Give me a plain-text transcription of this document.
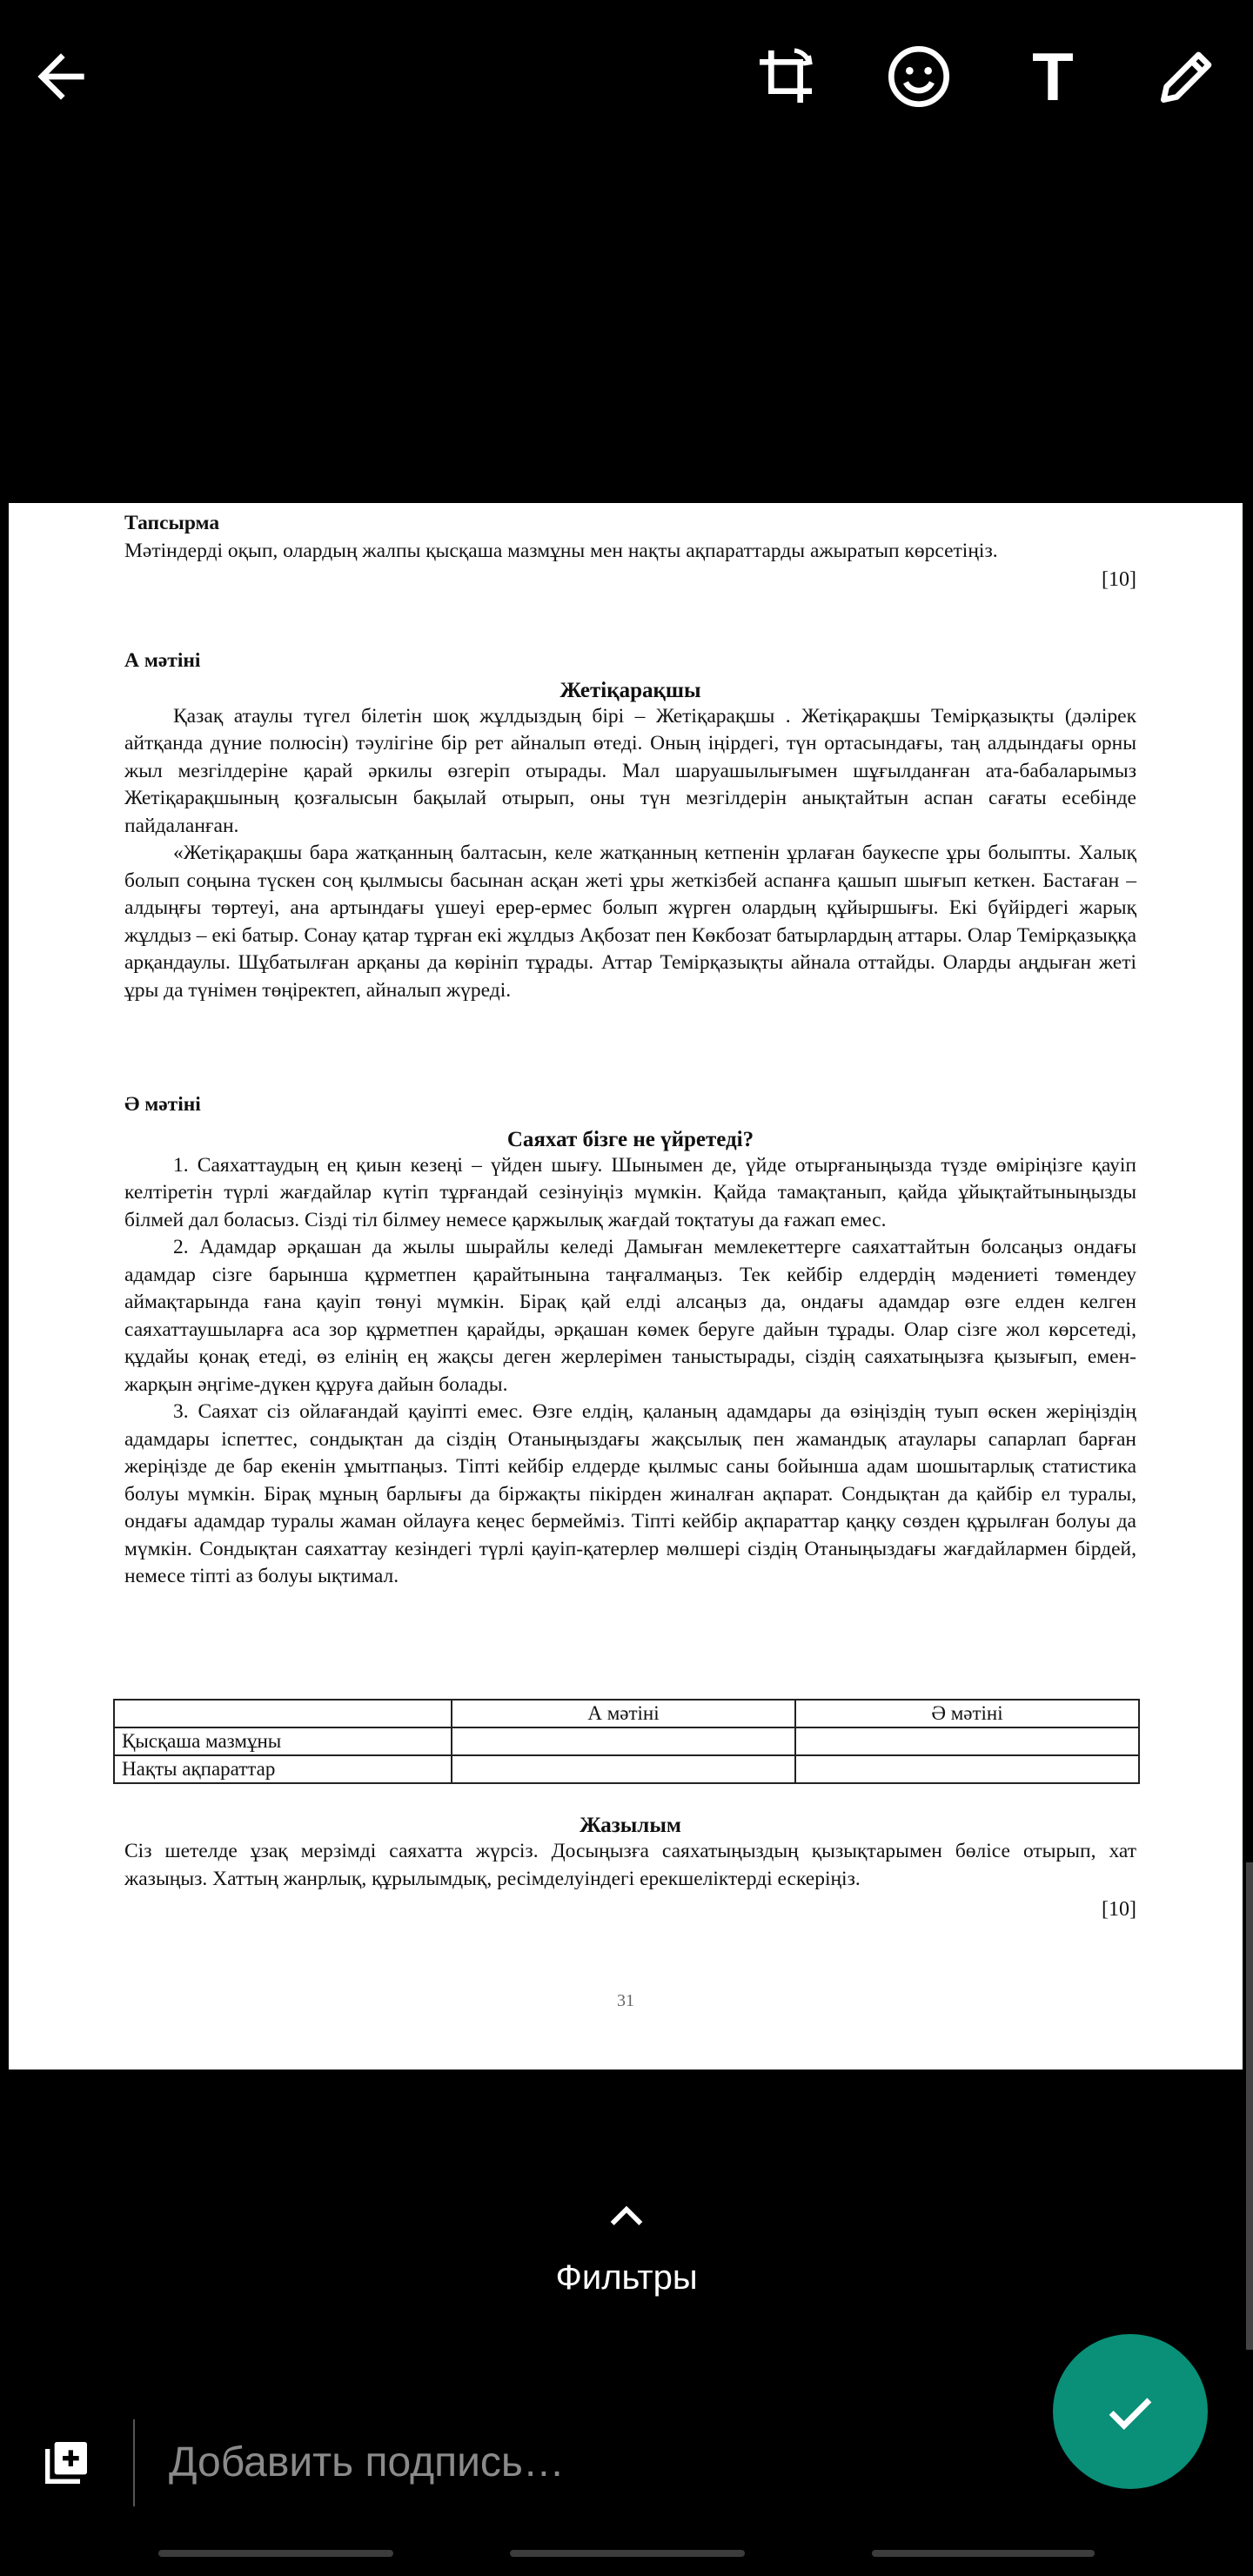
T
Тапсырма
Мәтіндерді оқып, олардың жалпы қысқаша мазмұны мен нақты ақпараттарды ажыратып көрсетіңіз.
[10]
А мәтіні
Жетіқарақшы

Қазақ атаулы түгел білетін шоқ жұлдыздың бірі – Жетіқарақшы . Жетіқарақшы Темірқазықты (дәлірек айтқанда дүние полюсін) тәулігіне бір рет айналып өтеді. Оның іңірдегі, түн ортасындағы, таң алдындағы орны жыл мезгілдеріне қарай әркилы өзгеріп отырады. Мал шаруашылығымен шұғылданған ата-бабаларымыз Жетіқарақшының қозғалысын бақылай отырып, оны түн мезгілдерін анықтайтын аспан сағаты есебінде пайдаланған.

«Жетіқарақшы бара жатқанның балтасын, келе жатқанның кетпенін ұрлаған баукеспе ұры болыпты. Халық болып соңына түскен соң қылмысы басынан асқан жеті ұры жеткізбей аспанға қашып шығып кеткен. Бастаған – алдыңғы төртеуі, ана артындағы үшеуі ерер-ермес болып жүрген олардың құйыршығы. Екі бүйірдегі жарық жұлдыз – екі батыр. Сонау қатар тұрған екі жұлдыз Ақбозат пен Көкбозат батырлардың аттары. Олар Темірқазыққа арқандаулы. Шұбатылған арқаны да көрініп тұрады. Аттар Темірқазықты айнала оттайды. Оларды аңдыған жеті ұры да түнімен төңіректеп, айналып жүреді.

Ә мәтіні
Саяхат бізге не үйретеді?

1. Саяхаттаудың ең қиын кезеңі – үйден шығу. Шынымен де, үйде отырғаныңызда түзде өміріңізге қауіп келтіретін түрлі жағдайлар күтіп тұрғандай сезінуіңіз мүмкін. Қайда тамақтанып, қайда ұйықтайтыныңызды білмей дал боласыз. Сізді тіл білмеу немесе қаржылық жағдай тоқтатуы да ғажап емес.

2. Адамдар әрқашан да жылы шырайлы келеді Дамыған мемлекеттерге саяхаттайтын болсаңыз ондағы адамдар сізге барынша құрметпен қарайтынына таңғалмаңыз. Тек кейбір елдердің мәдениеті төмендеу аймақтарында ғана қауіп төнуі мүмкін. Бірақ қай елді алсаңыз да, ондағы адамдар өзге елден келген саяхаттаушыларға аса зор құрметпен қарайды, әрқашан көмек беруге дайын тұрады. Олар сізге жол көрсетеді, құдайы қонақ етеді, өз елінің ең жақсы деген жерлерімен таныстырады, сіздің саяхатыңызға қызығып, емен-жарқын әңгіме-дүкен құруға дайын болады.

3. Саяхат сіз ойлағандай қауіпті емес. Өзге елдің, қаланың адамдары да өзіңіздің туып өскен жеріңіздің адамдары іспеттес, сондықтан да сіздің Отаныңыздағы жақсылық пен жамандық атаулары сапарлап барған жеріңізде де бар екенін ұмытпаңыз. Тіпті кейбір елдерде қылмыс саны бойынша адам шошытарлық статистика болуы мүмкін. Бірақ мұның барлығы да біржақты пікірден жиналған ақпарат. Сондықтан да қайбір ел туралы, ондағы адамдар туралы жаман ойлауға кеңес бермейміз. Тіпті кейбір ақпараттар қаңқу сөзден құрылған болуы да мүмкін. Сондықтан саяхаттау кезіндегі түрлі қауіп-қатерлер мөлшері сіздің Отаныңыздағы жағдайлармен бірдей, немесе тіпті аз болуы ықтимал.

	А мәтіні	Ә мәтіні
Қысқаша мазмұны		
Нақты ақпараттар		
Жазылым

Сіз шетелде ұзақ мерзімді саяхатта жүрсіз. Досыңызға саяхатыңыздың қызықтарымен бөлісе отырып, хат жазыңыз. Хаттың жанрлық, құрылымдық, ресімделуіндегі ерекшеліктерді ескеріңіз.

[10]
31
Фильтры
Добавить подпись…
